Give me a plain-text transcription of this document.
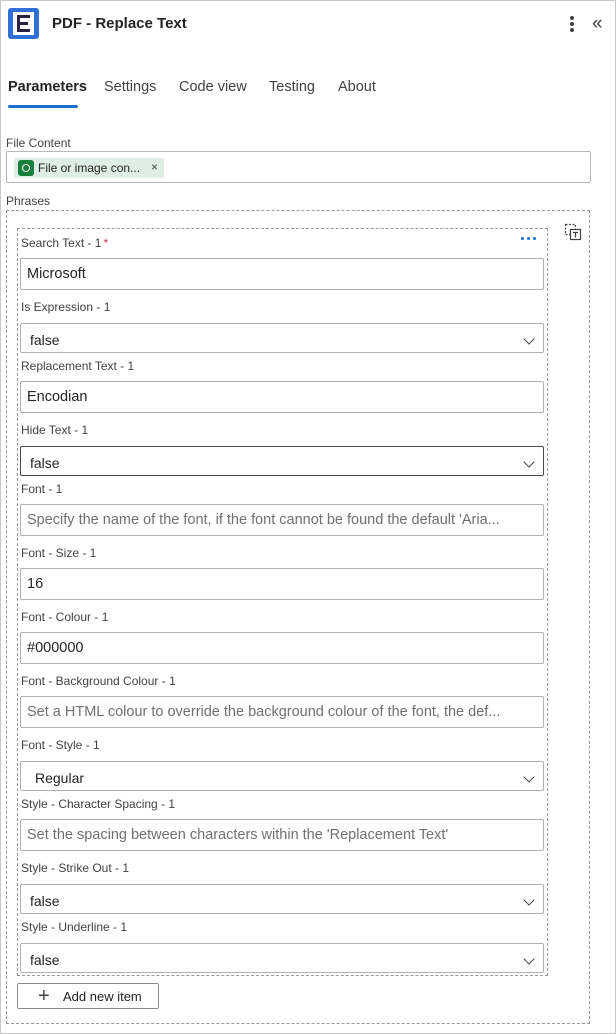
PDF - Replace Text	«
Parameters Settings Code view Testing About
File Content
File or image con... ×
Phrases
Search Text - 1 *
Microsoft
Is Expression - 1
false
Replacement Text - 1
Encodian
Hide Text - 1
false
Font - 1
Specify the name of the font, if the font cannot be found the default 'Aria...
Font - Size - 1
16
Font - Colour - 1
#000000
Font - Background Colour - 1
Set a HTML colour to override the background colour of the font, the def...
Font - Style - 1
Regular
Style - Character Spacing - 1
Set the spacing between characters within the 'Replacement Text'
Style - Strike Out - 1
false
Style - Underline - 1
false
+ Add new item
